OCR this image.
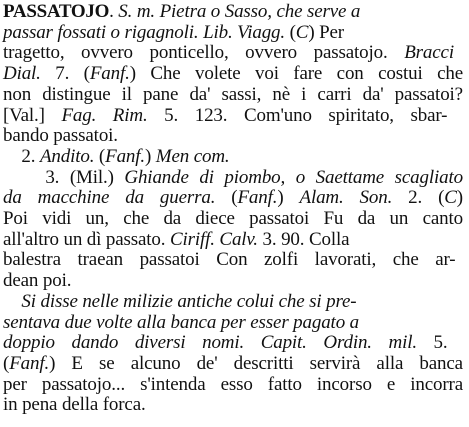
PASSATOJO. S. m. Pietra o Sasso, che serve a
passar fossati o rigagnoli. Lib. Viagg. (C) Per
tragetto, ovvero ponticello, ovvero passatojo. Bracci
Dial. 7. (Fanf.) Che volete voi fare con costui che
non distingue il pane da' sassi, nè i carri da' passatoi?
[Val.] Fag. Rim. 5. 123. Com'uno spiritato, sbar-
bando passatoi.
2. Andito. (Fanf.) Men com.
3. (Mil.) Ghiande di piombo, o Saettame scagliato
da macchine da guerra. (Fanf.) Alam. Son. 2. (C)
Poi vidi un, che da diece passatoi Fu da un canto
all'altro un dì passato. Ciriff. Calv. 3. 90. Colla
balestra traean passatoi Con zolfi lavorati, che ar-
dean poi.
Si disse nelle milizie antiche colui che si pre-
sentava due volte alla banca per esser pagato a
doppio dando diversi nomi. Capit. Ordin. mil. 5.
(Fanf.) E se alcuno de' descritti servirà alla banca
per passatojo... s'intenda esso fatto incorso e incorra
in pena della forca.
